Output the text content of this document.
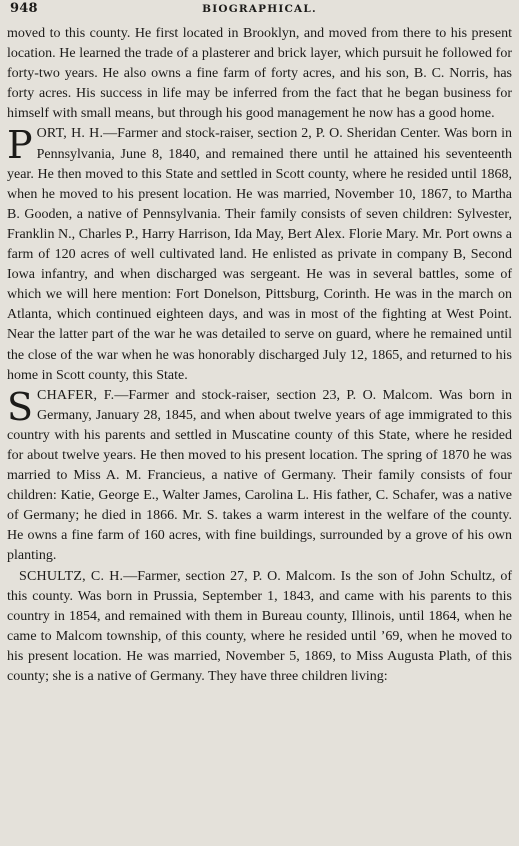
948	BIOGRAPHICAL.

moved to this county. He first located in Brooklyn, and moved from there to his present location. He learned the trade of a plasterer and brick layer, which pursuit he followed for forty-two years. He also owns a fine farm of forty acres, and his son, B. C. Norris, has forty acres. His success in life may be inferred from the fact that he began business for himself with small means, but through his good management he now has a good home.

PORT, H. H.—Farmer and stock-raiser, section 2, P. O. Sheridan Center. Was born in Pennsylvania, June 8, 1840, and remained there until he attained his seventeenth year. He then moved to this State and settled in Scott county, where he resided until 1868, when he moved to his present location. He was married, November 10, 1867, to Martha B. Gooden, a native of Pennsylvania. Their family consists of seven children: Sylvester, Franklin N., Charles P., Harry Harrison, Ida May, Bert Alex. Florie Mary. Mr. Port owns a farm of 120 acres of well cultivated land. He enlisted as private in company B, Second Iowa infantry, and when discharged was sergeant. He was in several battles, some of which we will here mention: Fort Donelson, Pittsburg, Corinth. He was in the march on Atlanta, which continued eighteen days, and was in most of the fighting at West Point. Near the latter part of the war he was detailed to serve on guard, where he remained until the close of the war when he was honorably discharged July 12, 1865, and returned to his home in Scott county, this State.

SCHAFER, F.—Farmer and stock-raiser, section 23, P. O. Malcom. Was born in Germany, January 28, 1845, and when about twelve years of age immigrated to this country with his parents and settled in Muscatine county of this State, where he resided for about twelve years. He then moved to his present location. The spring of 1870 he was married to Miss A. M. Francieus, a native of Germany. Their family consists of four children: Katie, George E., Walter James, Carolina L. His father, C. Schafer, was a native of Germany; he died in 1866. Mr. S. takes a warm interest in the welfare of the county. He owns a fine farm of 160 acres, with fine buildings, surrounded by a grove of his own planting.

SCHULTZ, C. H.—Farmer, section 27, P. O. Malcom. Is the son of John Schultz, of this county. Was born in Prussia, September 1, 1843, and came with his parents to this country in 1854, and remained with them in Bureau county, Illinois, until 1864, when he came to Malcom township, of this county, where he resided until ’69, when he moved to his present location. He was married, November 5, 1869, to Miss Augusta Plath, of this county; she is a native of Germany. They have three children living:
